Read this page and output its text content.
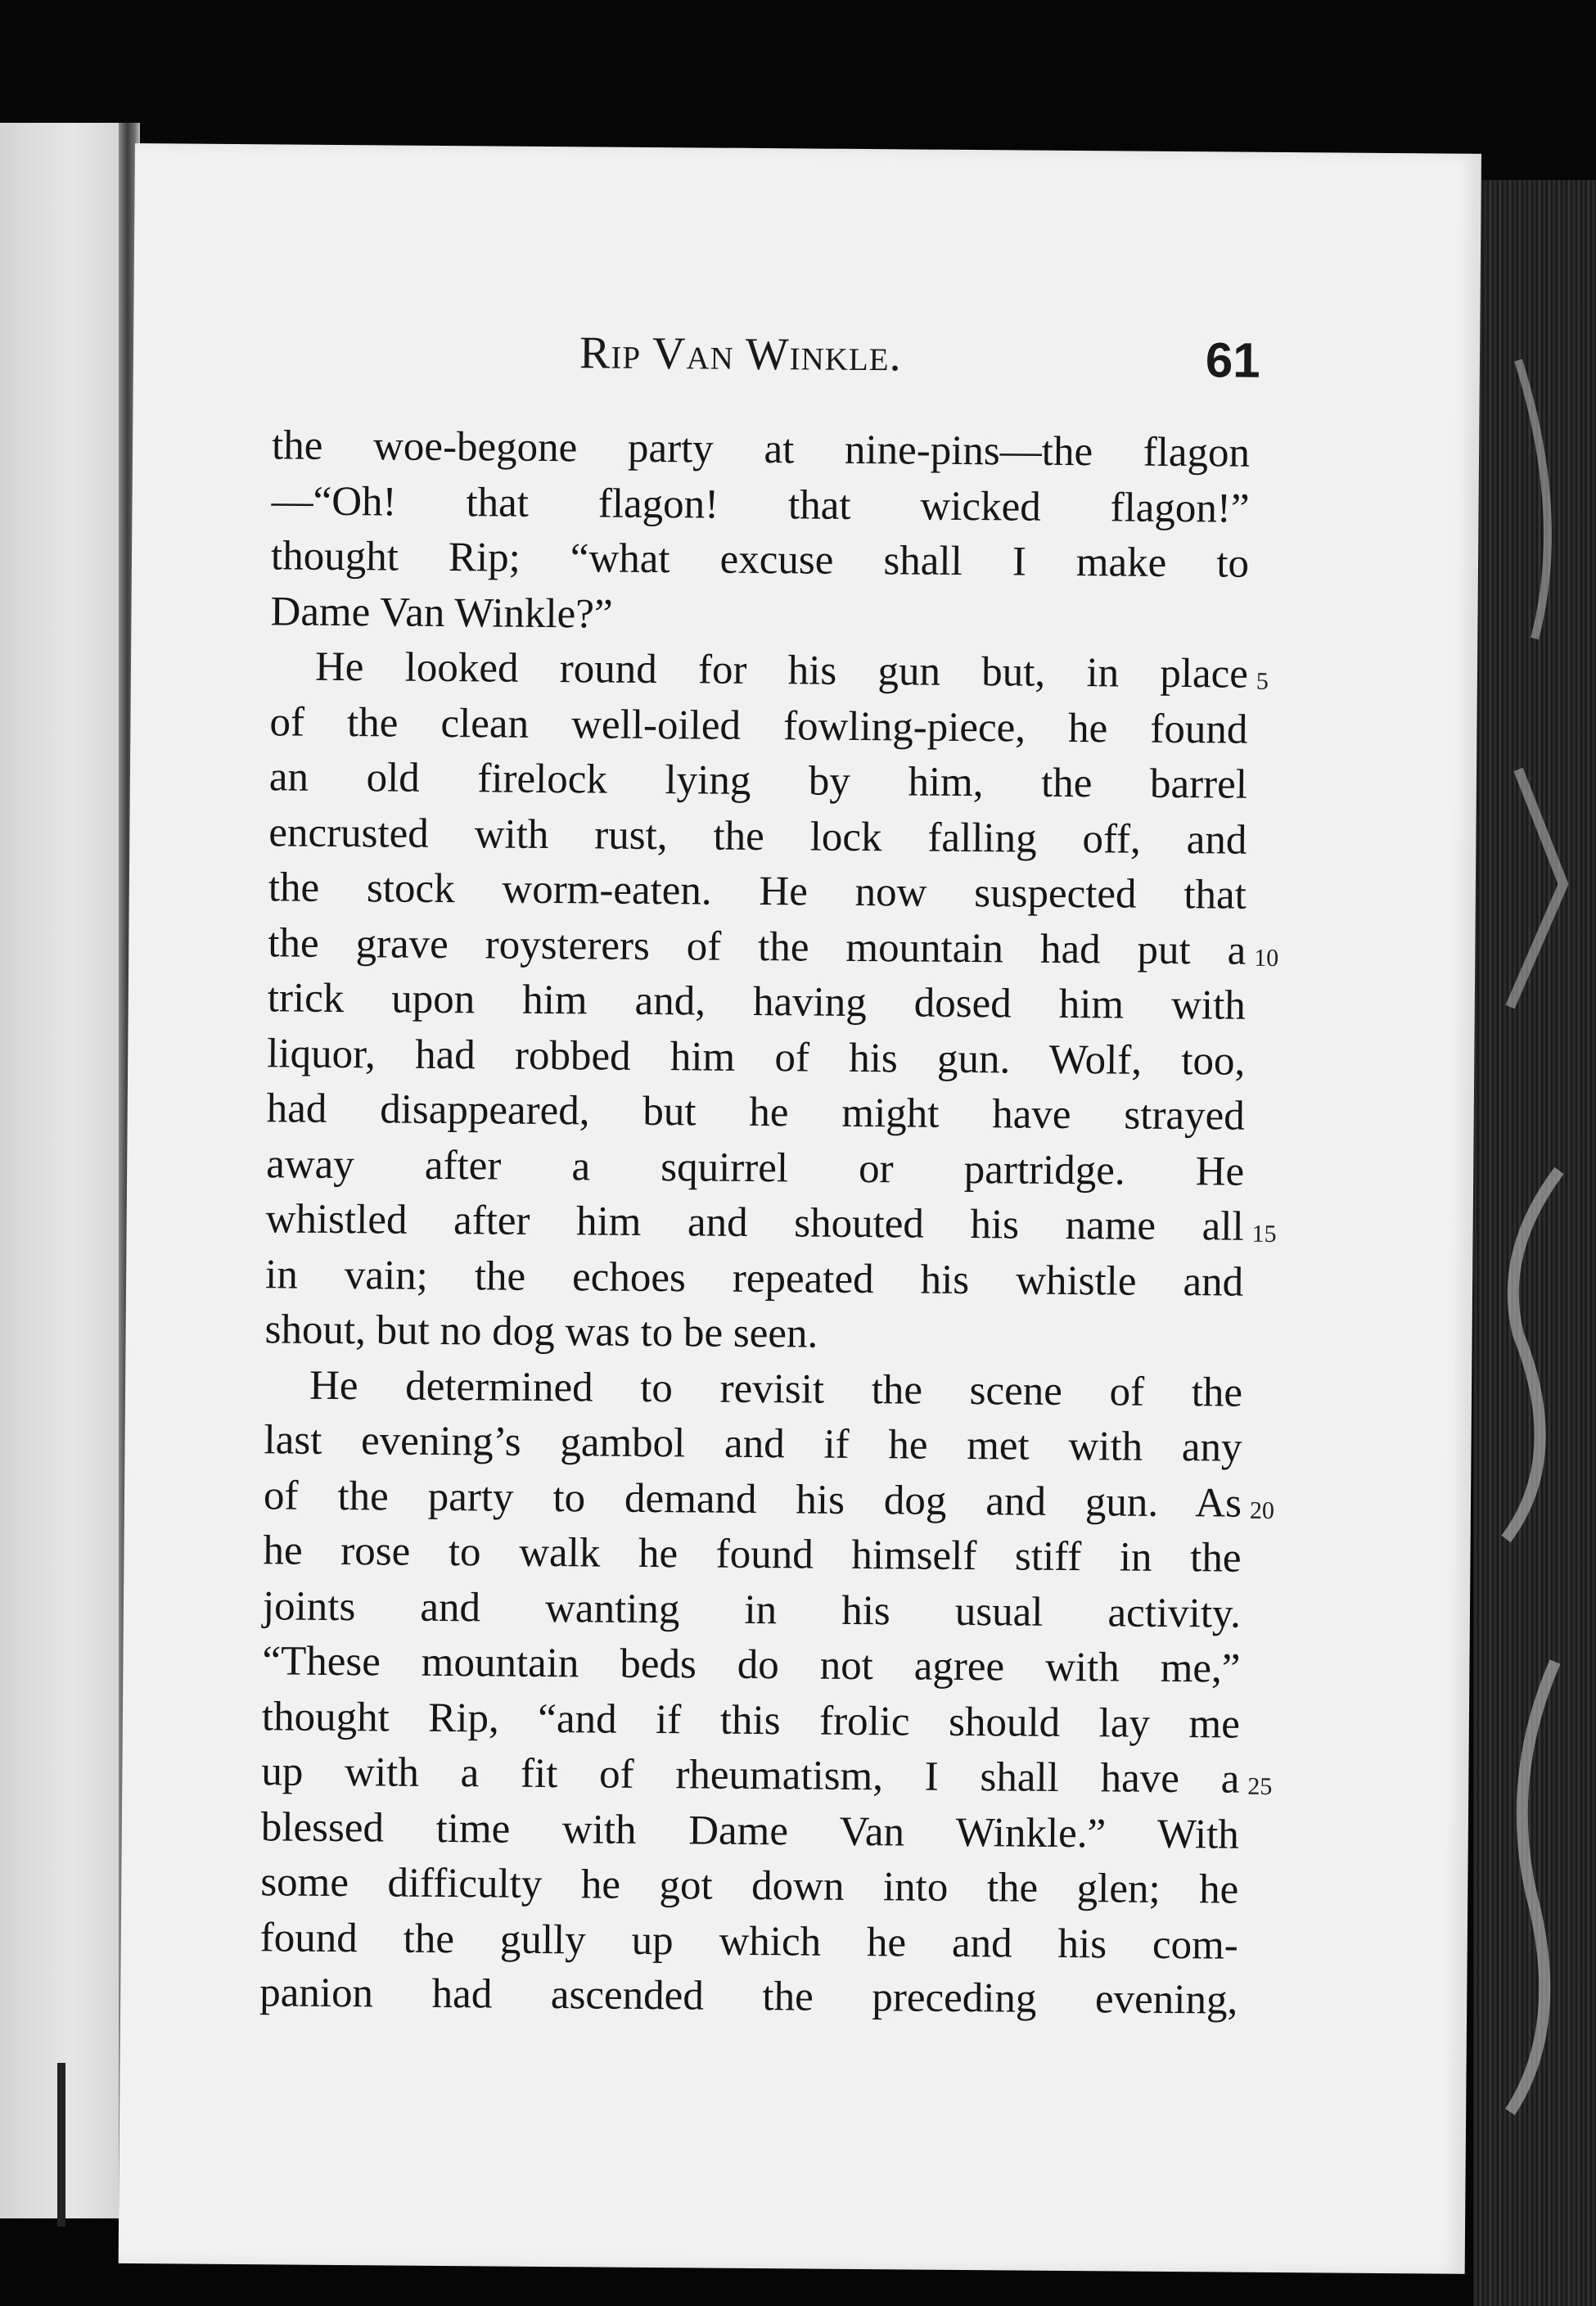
Rip Van Winkle.	61
the woe-begone party at nine-pins—the flagon
—“Oh! that flagon! that wicked flagon!”
thought Rip; “what excuse shall I make to
Dame Van Winkle?”
He looked round for his gun but, in place 5
of the clean well-oiled fowling-piece, he found
an old firelock lying by him, the barrel
encrusted with rust, the lock falling off, and
the stock worm-eaten. He now suspected that
the grave roysterers of the mountain had put a 10
trick upon him and, having dosed him with
liquor, had robbed him of his gun. Wolf, too,
had disappeared, but he might have strayed
away after a squirrel or partridge. He
whistled after him and shouted his name all 15
in vain; the echoes repeated his whistle and
shout, but no dog was to be seen.
He determined to revisit the scene of the
last evening’s gambol and if he met with any
of the party to demand his dog and gun. As 20
he rose to walk he found himself stiff in the
joints and wanting in his usual activity.
“These mountain beds do not agree with me,”
thought Rip, “and if this frolic should lay me
up with a fit of rheumatism, I shall have a 25
blessed time with Dame Van Winkle.” With
some difficulty he got down into the glen; he
found the gully up which he and his com-
panion had ascended the preceding evening,
